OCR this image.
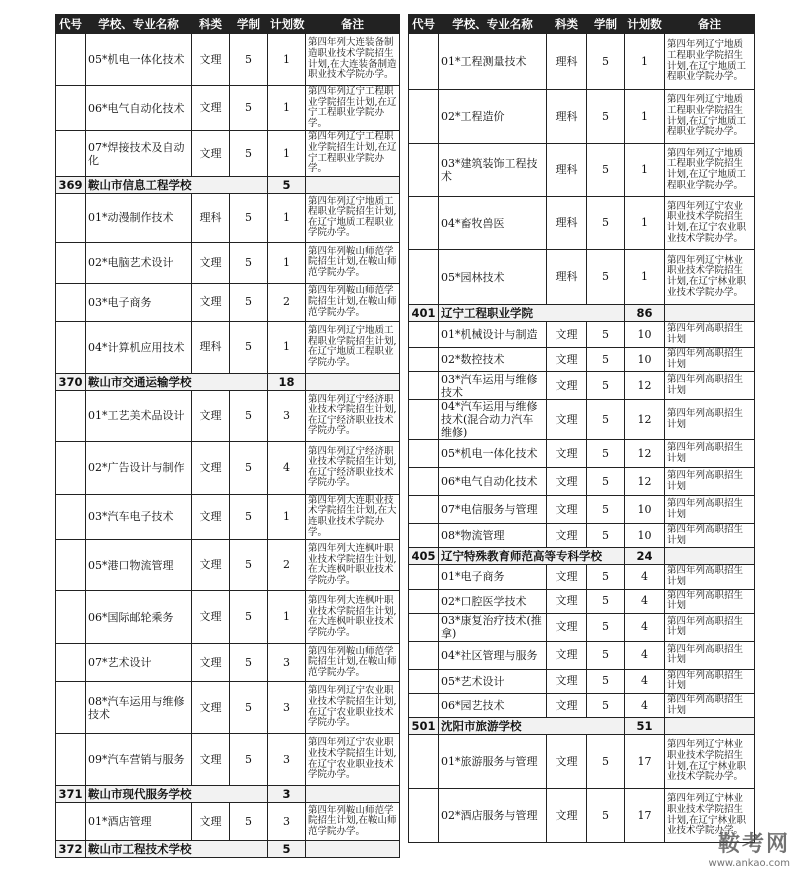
代号	学校、专业名称	科类	学制	计划数	备注
	05*机电一体化技术	文理	5	1	第四年列大连装备制造职业技术学院招生计划,在大连装备制造职业技术学院办学。
	06*电气自动化技术	文理	5	1	第四年列辽宁工程职业学院招生计划,在辽宁工程职业学院办学。
	07*焊接技术及自动化	文理	5	1	第四年列辽宁工程职业学院招生计划,在辽宁工程职业学院办学。
369	鞍山市信息工程学校			5	
	01*动漫制作技术	理科	5	1	第四年列辽宁地质工程职业学院招生计划,在辽宁地质工程职业学院办学。
	02*电脑艺术设计	文理	5	1	第四年列鞍山师范学院招生计划,在鞍山师范学院办学。
	03*电子商务	文理	5	2	第四年列鞍山师范学院招生计划,在鞍山师范学院办学。
	04*计算机应用技术	理科	5	1	第四年列辽宁地质工程职业学院招生计划,在辽宁地质工程职业学院办学。
370	鞍山市交通运输学校			18	
	01*工艺美术品设计	文理	5	3	第四年列辽宁经济职业技术学院招生计划,在辽宁经济职业技术学院办学。
	02*广告设计与制作	文理	5	4	第四年列辽宁经济职业技术学院招生计划,在辽宁经济职业技术学院办学。
	03*汽车电子技术	文理	5	1	第四年列大连职业技术学院招生计划,在大连职业技术学院办学。
	05*港口物流管理	文理	5	2	第四年列大连枫叶职业技术学院招生计划,在大连枫叶职业技术学院办学。
	06*国际邮轮乘务	文理	5	1	第四年列大连枫叶职业技术学院招生计划,在大连枫叶职业技术学院办学。
	07*艺术设计	文理	5	3	第四年列鞍山师范学院招生计划,在鞍山师范学院办学。
	08*汽车运用与维修技术	文理	5	3	第四年列辽宁农业职业技术学院招生计划,在辽宁农业职业技术学院办学。
	09*汽车营销与服务	文理	5	3	第四年列辽宁农业职业技术学院招生计划,在辽宁农业职业技术学院办学。
371	鞍山市现代服务学校			3	
	01*酒店管理	文理	5	3	第四年列鞍山师范学院招生计划,在鞍山师范学院办学。
372	鞍山市工程技术学校			5	
代号	学校、专业名称	科类	学制	计划数	备注
	01*工程测量技术	理科	5	1	第四年列辽宁地质工程职业学院招生计划,在辽宁地质工程职业学院办学。
	02*工程造价	理科	5	1	第四年列辽宁地质工程职业学院招生计划,在辽宁地质工程职业学院办学。
	03*建筑装饰工程技术	理科	5	1	第四年列辽宁地质工程职业学院招生计划,在辽宁地质工程职业学院办学。
	04*畜牧兽医	理科	5	1	第四年列辽宁农业职业技术学院招生计划,在辽宁农业职业技术学院办学。
	05*园林技术	理科	5	1	第四年列辽宁林业职业技术学院招生计划,在辽宁林业职业技术学院办学。
401	辽宁工程职业学院			86	
	01*机械设计与制造	文理	5	10	第四年列高职招生计划
	02*数控技术	文理	5	10	第四年列高职招生计划
	03*汽车运用与维修技术	文理	5	12	第四年列高职招生计划
	04*汽车运用与维修技术(混合动力汽车维修)	文理	5	12	第四年列高职招生计划
	05*机电一体化技术	文理	5	12	第四年列高职招生计划
	06*电气自动化技术	文理	5	12	第四年列高职招生计划
	07*电信服务与管理	文理	5	10	第四年列高职招生计划
	08*物流管理	文理	5	10	第四年列高职招生计划
405	辽宁特殊教育师范高等专科学校			24	
	01*电子商务	文理	5	4	第四年列高职招生计划
	02*口腔医学技术	文理	5	4	第四年列高职招生计划
	03*康复治疗技术(推拿)	文理	5	4	第四年列高职招生计划
	04*社区管理与服务	文理	5	4	第四年列高职招生计划
	05*艺术设计	文理	5	4	第四年列高职招生计划
	06*园艺技术	文理	5	4	第四年列高职招生计划
501	沈阳市旅游学校			51	
	01*旅游服务与管理	文理	5	17	第四年列辽宁林业职业技术学院招生计划,在辽宁林业职业技术学院办学。
	02*酒店服务与管理	文理	5	17	第四年列辽宁林业职业技术学院招生计划,在辽宁林业职业技术学院办学。
鞍考网
www.ankao.com
